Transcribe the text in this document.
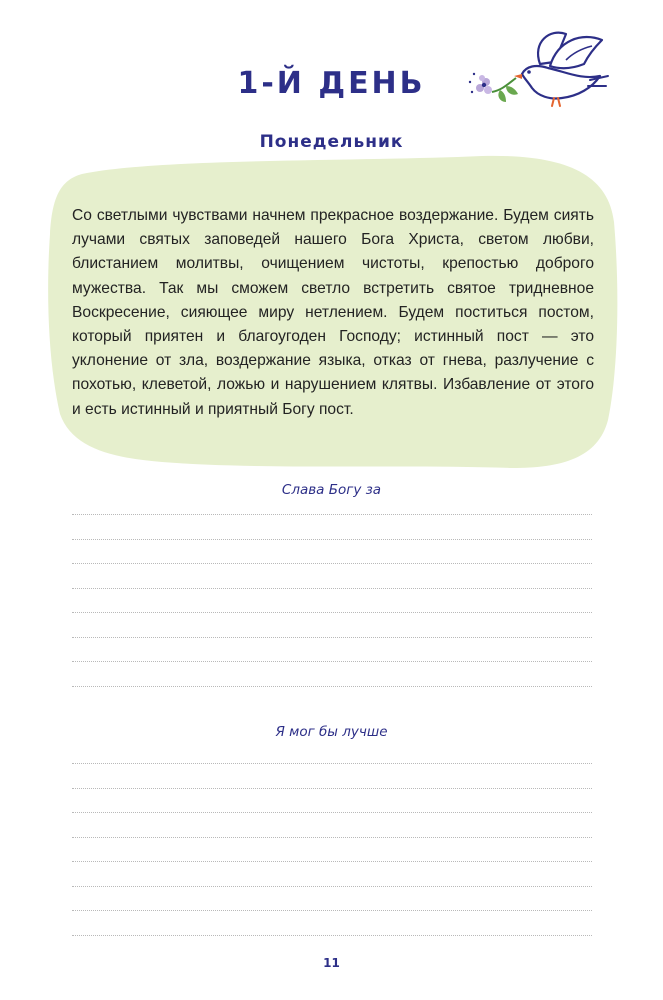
1-Й ДЕНЬ
Понедельник

Со светлыми чувствами начнем прекрасное воздержание. Будем сиять лучами святых заповедей нашего Бога Христа, светом любви, блистанием молитвы, очищением чистоты, крепостью доброго мужества. Так мы сможем светло встретить святое тридневное Воскресение, сияющее миру нетлением. Будем поститься постом, который приятен и благоугоден Господу; истинный пост — это уклонение от зла, воздержание языка, отказ от гнева, разлучение с похотью, клеветой, ложью и нарушением клятвы. Избавление от этого и есть истинный и приятный Богу пост.

Слава Богу за

Я мог бы лучше

11
